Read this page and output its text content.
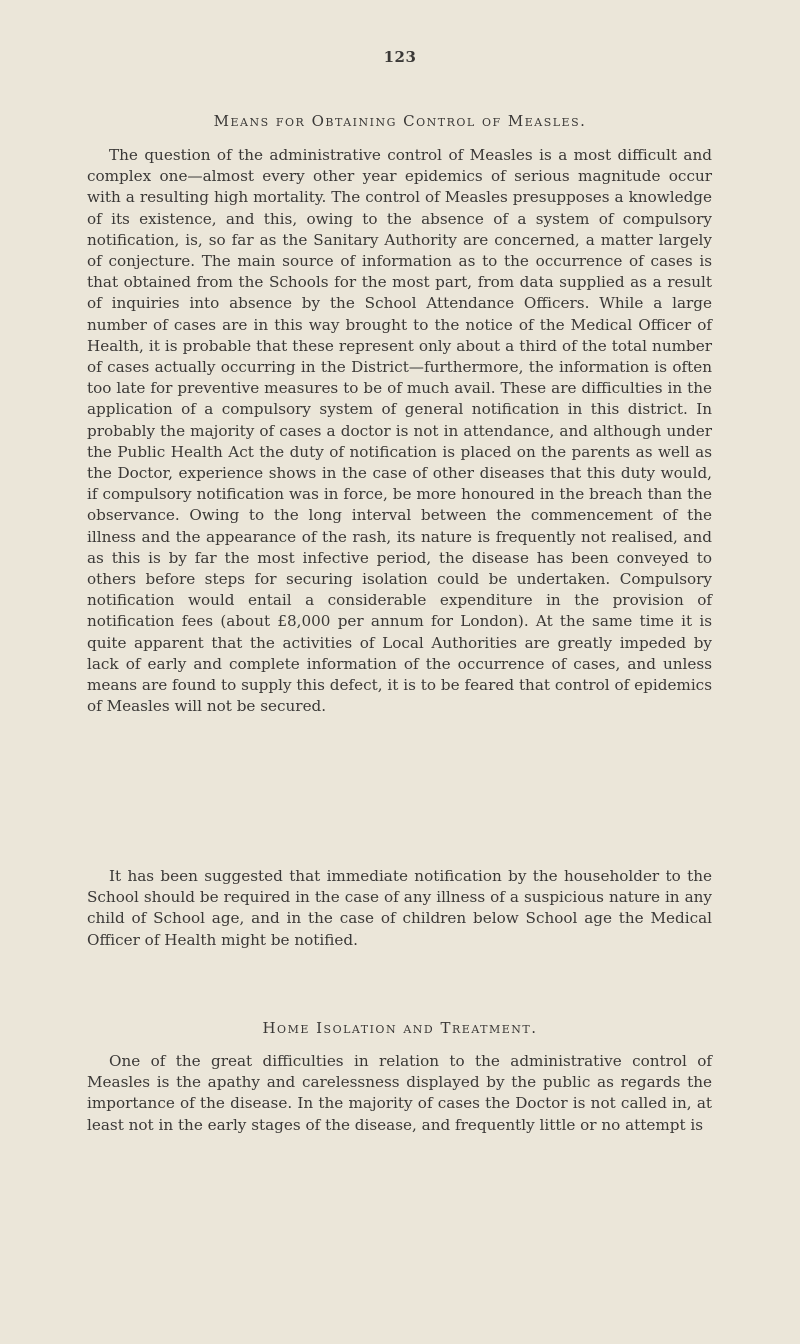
123
Means for Obtaining Control of Measles.

The question of the administrative control of Measles is a most difficult and complex one—almost every other year epidemics of serious magnitude occur with a resulting high mortality. The control of Measles presupposes a knowledge of its existence, and this, owing to the absence of a system of compulsory notification, is, so far as the Sanitary Authority are concerned, a matter largely of conjecture. The main source of information as to the occurrence of cases is that obtained from the Schools for the most part, from data supplied as a result of inquiries into absence by the School Attendance Officers. While a large number of cases are in this way brought to the notice of the Medical Officer of Health, it is probable that these represent only about a third of the total number of cases actually occurring in the District—furthermore, the information is often too late for preventive measures to be of much avail. These are difficulties in the application of a compulsory system of general notification in this district. In probably the majority of cases a doctor is not in attendance, and although under the Public Health Act the duty of notification is placed on the parents as well as the Doctor, experience shows in the case of other diseases that this duty would, if compulsory notification was in force, be more honoured in the breach than the observance. Owing to the long interval between the commencement of the illness and the appearance of the rash, its nature is frequently not realised, and as this is by far the most infective period, the disease has been conveyed to others before steps for securing isolation could be undertaken. Compulsory notification would entail a considerable expenditure in the provision of notification fees (about £8,000 per annum for London). At the same time it is quite apparent that the activities of Local Authorities are greatly impeded by lack of early and complete information of the occurrence of cases, and unless means are found to supply this defect, it is to be feared that control of epidemics of Measles will not be secured.

It has been suggested that immediate notification by the householder to the School should be required in the case of any illness of a suspicious nature in any child of School age, and in the case of children below School age the Medical Officer of Health might be notified.

Home Isolation and Treatment.

One of the great difficulties in relation to the administrative control of Measles is the apathy and carelessness displayed by the public as regards the importance of the disease. In the majority of cases the Doctor is not called in, at least not in the early stages of the disease, and frequently little or no attempt is
